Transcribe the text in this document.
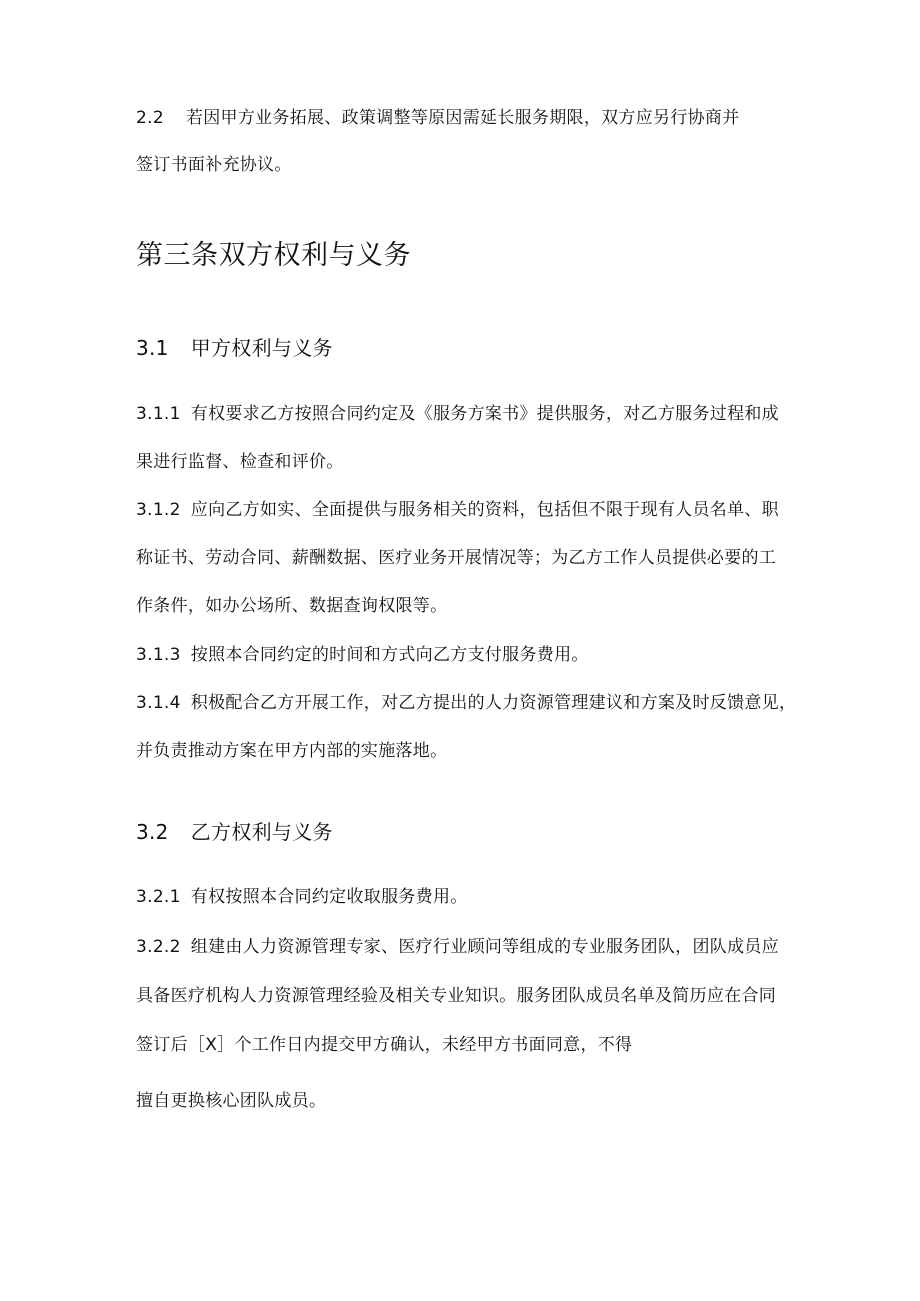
2.2 若因甲方业务拓展、政策调整等原因需延长服务期限，双方应另行协商并
签订书面补充协议。
第三条双方权利与义务
3.1 甲方权利与义务
3.1.1 有权要求乙方按照合同约定及《服务方案书》提供服务，对乙方服务过程和成
果进行监督、检查和评价。
3.1.2 应向乙方如实、全面提供与服务相关的资料，包括但不限于现有人员名单、职
称证书、劳动合同、薪酬数据、医疗业务开展情况等；为乙方工作人员提供必要的工
作条件，如办公场所、数据查询权限等。
3.1.3 按照本合同约定的时间和方式向乙方支付服务费用。
3.1.4 积极配合乙方开展工作，对乙方提出的人力资源管理建议和方案及时反馈意见，
并负责推动方案在甲方内部的实施落地。
3.2 乙方权利与义务
3.2.1 有权按照本合同约定收取服务费用。
3.2.2 组建由人力资源管理专家、医疗行业顾问等组成的专业服务团队，团队成员应
具备医疗机构人力资源管理经验及相关专业知识。服务团队成员名单及简历应在合同
签订后［X］个工作日内提交甲方确认，未经甲方书面同意，不得
擅自更换核心团队成员。
